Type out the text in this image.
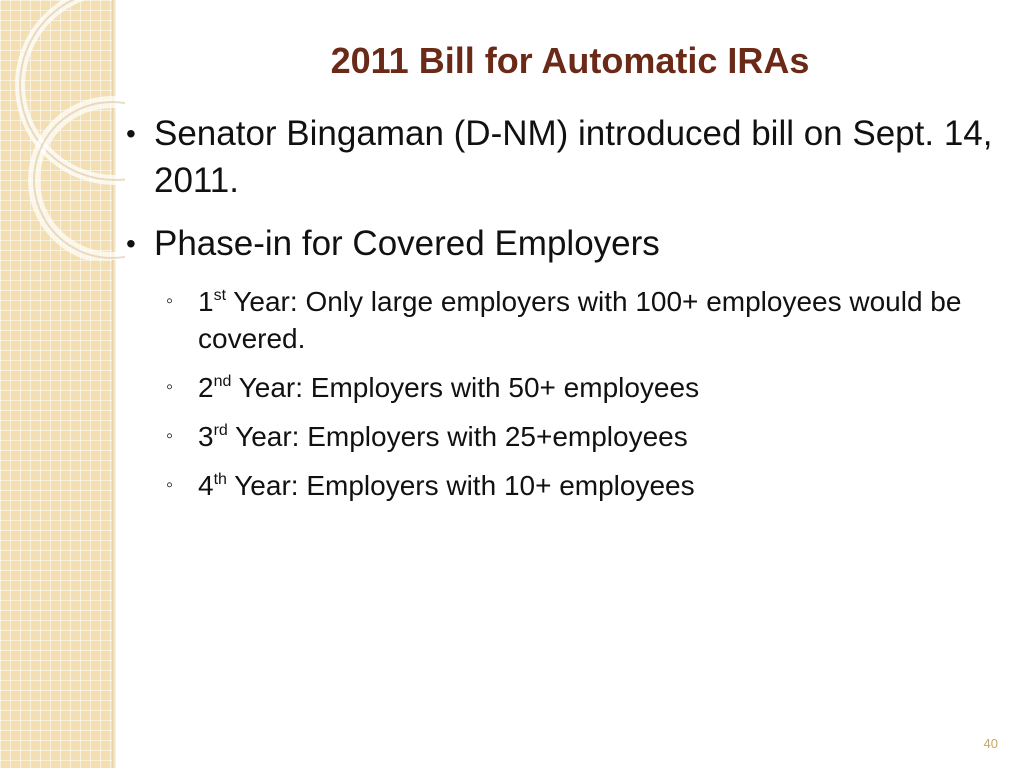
2011 Bill for Automatic IRAs
• Senator Bingaman (D-NM) introduced bill on Sept. 14, 2011.
• Phase-in for Covered Employers
◦ 1st Year: Only large employers with 100+ employees would be covered.
◦ 2nd Year: Employers with 50+ employees
◦ 3rd Year: Employers with 25+employees
◦ 4th Year: Employers with 10+ employees
40
